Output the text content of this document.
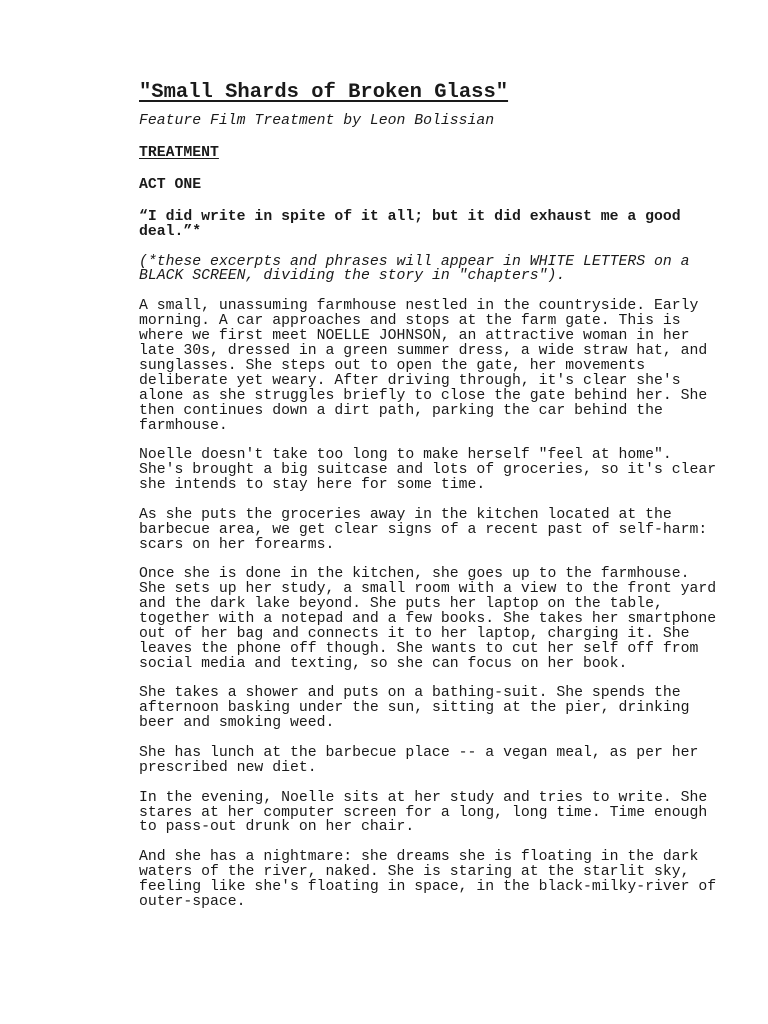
"Small Shards of Broken Glass"
Feature Film Treatment by Leon Bolissian
TREATMENT
ACT ONE
“I did write in spite of it all; but it did exhaust me a good deal.”*
(*these excerpts and phrases will appear in WHITE LETTERS on a BLACK SCREEN, dividing the story in "chapters").
A small, unassuming farmhouse nestled in the countryside. Early morning. A car approaches and stops at the farm gate. This is where we first meet NOELLE JOHNSON, an attractive woman in her late 30s, dressed in a green summer dress, a wide straw hat, and sunglasses. She steps out to open the gate, her movements deliberate yet weary. After driving through, it's clear she's alone as she struggles briefly to close the gate behind her. She then continues down a dirt path, parking the car behind the farmhouse.
Noelle doesn't take too long to make herself "feel at home". She's brought a big suitcase and lots of groceries, so it's clear she intends to stay here for some time.
As she puts the groceries away in the kitchen located at the barbecue area, we get clear signs of a recent past of self-harm: scars on her forearms.
Once she is done in the kitchen, she goes up to the farmhouse. She sets up her study, a small room with a view to the front yard and the dark lake beyond. She puts her laptop on the table, together with a notepad and a few books. She takes her smartphone out of her bag and connects it to her laptop, charging it. She leaves the phone off though. She wants to cut her self off from social media and texting, so she can focus on her book.
She takes a shower and puts on a bathing-suit. She spends the afternoon basking under the sun, sitting at the pier, drinking beer and smoking weed.
She has lunch at the barbecue place -- a vegan meal, as per her prescribed new diet.
In the evening, Noelle sits at her study and tries to write. She stares at her computer screen for a long, long time. Time enough to pass-out drunk on her chair.
And she has a nightmare: she dreams she is floating in the dark waters of the river, naked. She is staring at the starlit sky, feeling like she's floating in space, in the black-milky-river of outer-space.
